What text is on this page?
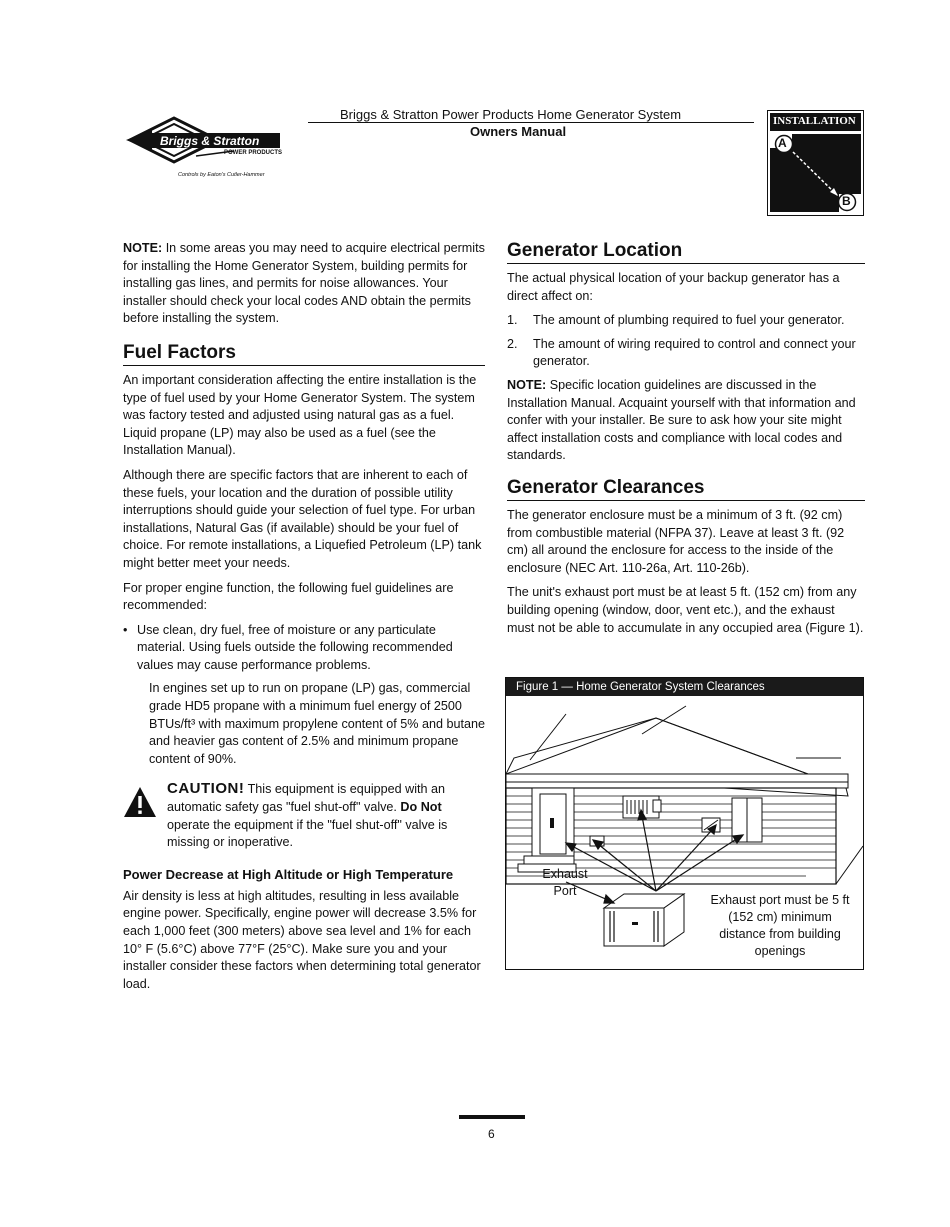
Briggs & Stratton
POWER PRODUCTS
Controls by Eaton's Cutler-Hammer
Briggs & Stratton Power Products Home Generator System
Owners Manual
INSTALLATION
A
B

NOTE: In some areas you may need to acquire electrical permits for installing the Home Generator System, building permits for installing gas lines, and permits for noise allowances. Your installer should check your local codes AND obtain the permits before installing the system.

Fuel Factors

An important consideration affecting the entire installation is the type of fuel used by your Home Generator System. The system was factory tested and adjusted using natural gas as a fuel. Liquid propane (LP) may also be used as a fuel (see the Installation Manual).

Although there are specific factors that are inherent to each of these fuels, your location and the duration of possible utility interruptions should guide your selection of fuel type. For urban installations, Natural Gas (if available) should be your fuel of choice. For remote installations, a Liquefied Petroleum (LP) tank might better meet your needs.

For proper engine function, the following fuel guidelines are recommended:

• Use clean, dry fuel, free of moisture or any particulate material. Using fuels outside the following recommended values may cause performance problems.

In engines set up to run on propane (LP) gas, commercial grade HD5 propane with a minimum fuel energy of 2500 BTUs/ft³ with maximum propylene content of 5% and butane and heavier gas content of 2.5% and minimum propane content of 90%.

CAUTION! This equipment is equipped with an automatic safety gas "fuel shut-off" valve. Do Not operate the equipment if the "fuel shut-off" valve is missing or inoperative.
Power Decrease at High Altitude or High Temperature

Air density is less at high altitudes, resulting in less available engine power. Specifically, engine power will decrease 3.5% for each 1,000 feet (300 meters) above sea level and 1% for each 10° F (5.6°C) above 77°F (25°C). Make sure you and your installer consider these factors when determining total generator load.

Generator Location

The actual physical location of your backup generator has a direct affect on:

1.	The amount of plumbing required to fuel your generator.
2.	The amount of wiring required to control and connect your generator.

NOTE: Specific location guidelines are discussed in the Installation Manual. Acquaint yourself with that information and confer with your installer. Be sure to ask how your site might affect installation costs and compliance with local codes and standards.

Generator Clearances

The generator enclosure must be a minimum of 3 ft. (92 cm) from combustible material (NFPA 37). Leave at least 3 ft. (92 cm) all around the enclosure for access to the inside of the enclosure (NEC Art. 110-26a, Art. 110-26b).

The unit's exhaust port must be at least 5 ft. (152 cm) from any building opening (window, door, vent etc.), and the exhaust must not be able to accumulate in any occupied area (Figure 1).

Figure 1 — Home Generator System Clearances
Exhaust Port
Exhaust port must be 5 ft (152 cm) minimum distance from building openings
6
